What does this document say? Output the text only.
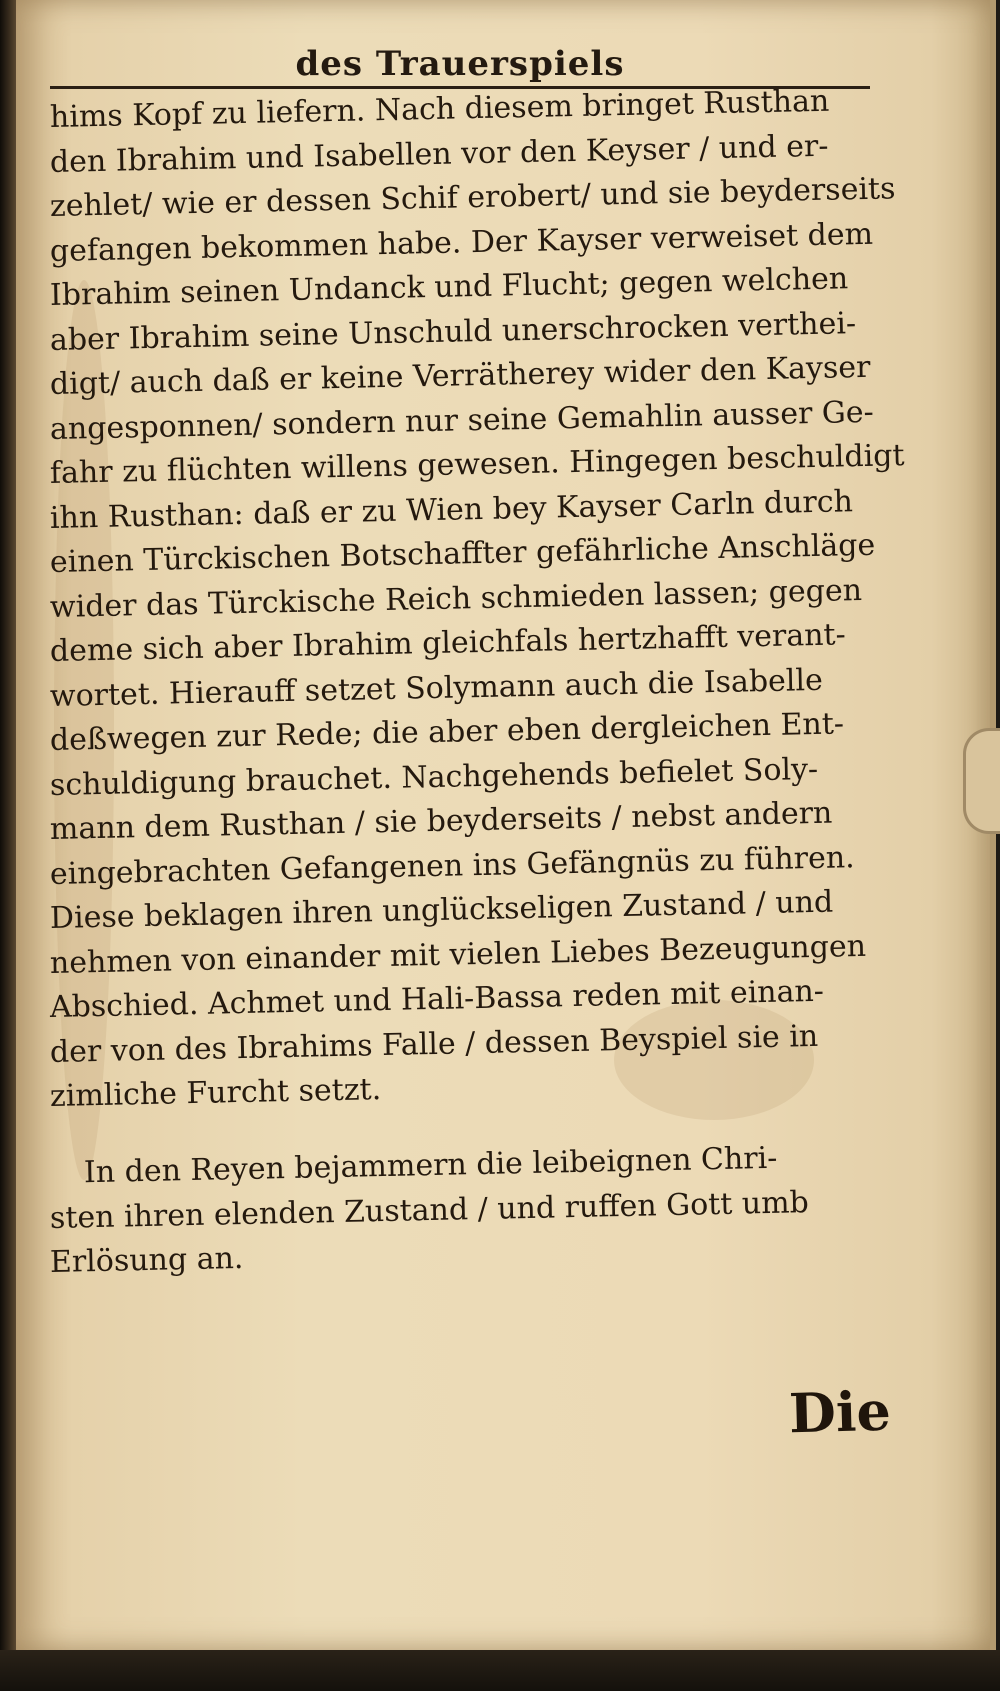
des Trauerspiels
hims Kopf zu liefern. Nach diesem bringet Rusthan
den Ibrahim und Isabellen vor den Keyser / und er-
zehlet/ wie er dessen Schif erobert/ und sie beyderseits
gefangen bekommen habe. Der Kayser verweiset dem
Ibrahim seinen Undanck und Flucht; gegen welchen
aber Ibrahim seine Unschuld unerschrocken verthei-
digt/ auch daß er keine Verrätherey wider den Kayser
angesponnen/ sondern nur seine Gemahlin ausser Ge-
fahr zu flüchten willens gewesen. Hingegen beschuldigt
ihn Rusthan: daß er zu Wien bey Kayser Carln durch
einen Türckischen Botschaffter gefährliche Anschläge
wider das Türckische Reich schmieden lassen; gegen
deme sich aber Ibrahim gleichfals hertzhafft verant-
wortet. Hierauff setzet Solymann auch die Isabelle
deßwegen zur Rede; die aber eben dergleichen Ent-
schuldigung brauchet. Nachgehends befielet Soly-
mann dem Rusthan / sie beyderseits / nebst andern
eingebrachten Gefangenen ins Gefängnüs zu führen.
Diese beklagen ihren unglückseligen Zustand / und
nehmen von einander mit vielen Liebes Bezeugungen
Abschied. Achmet und Hali-Bassa reden mit einan-
der von des Ibrahims Falle / dessen Beyspiel sie in
zimliche Furcht setzt.
In den Reyen bejammern die leibeignen Chri-
sten ihren elenden Zustand / und ruffen Gott umb
Erlösung an.
Die
